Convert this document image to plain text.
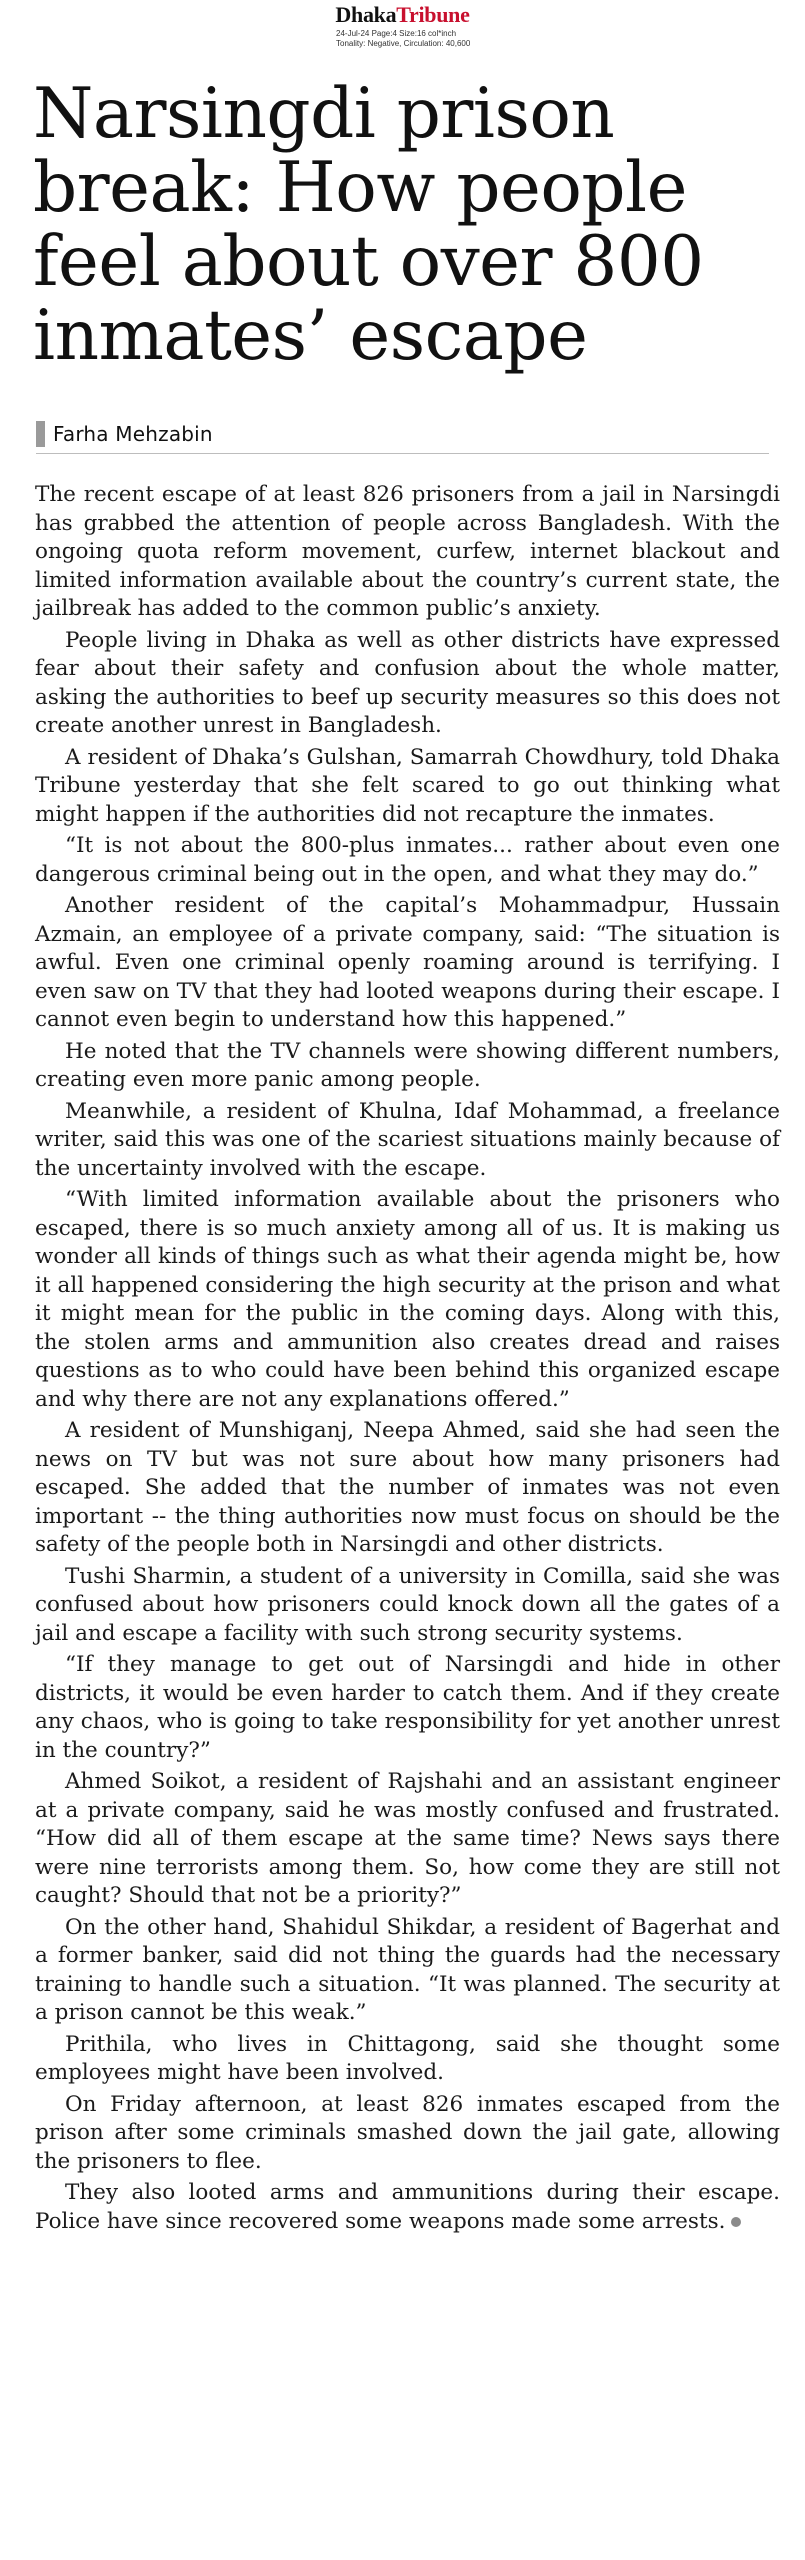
DhakaTribune
24-Jul-24 Page:4 Size:16 col*inch
Tonality: Negative, Circulation: 40,600
Narsingdi prison break: How people feel about over 800 inmates’ escape
Farha Mehzabin

The recent escape of at least 826 prisoners from a jail in Narsingdi has grabbed the attention of people across Bangladesh. With the ongoing quota reform movement, curfew, internet blackout and limited information available about the country’s current state, the jailbreak has added to the common public’s anxiety.

People living in Dhaka as well as other districts have expressed fear about their safety and confusion about the whole matter, asking the authorities to beef up security measures so this does not create another unrest in Bangladesh.

A resident of Dhaka’s Gulshan, Samarrah Chowdhury, told Dhaka Tribune yesterday that she felt scared to go out thinking what might happen if the authorities did not recapture the inmates.

“It is not about the 800-plus inmates... rather about even one dangerous criminal being out in the open, and what they may do.”

Another resident of the capital’s Mohammadpur, Hussain Azmain, an employee of a private company, said: “The situation is awful. Even one criminal openly roaming around is terrifying. I even saw on TV that they had looted weapons during their escape. I cannot even begin to understand how this happened.”

He noted that the TV channels were showing different numbers, creating even more panic among people.

Meanwhile, a resident of Khulna, Idaf Mohammad, a freelance writer, said this was one of the scariest situations mainly because of the uncertainty involved with the escape.

“With limited information available about the prisoners who escaped, there is so much anxiety among all of us. It is making us wonder all kinds of things such as what their agenda might be, how it all happened considering the high security at the prison and what it might mean for the public in the coming days. Along with this, the stolen arms and ammunition also creates dread and raises questions as to who could have been behind this organized escape and why there are not any explanations offered.”

A resident of Munshiganj, Neepa Ahmed, said she had seen the news on TV but was not sure about how many prisoners had escaped. She added that the number of inmates was not even important -- the thing authorities now must focus on should be the safety of the people both in Narsingdi and other districts.

Tushi Sharmin, a student of a university in Comilla, said she was confused about how prisoners could knock down all the gates of a jail and escape a facility with such strong security systems.

“If they manage to get out of Narsingdi and hide in other districts, it would be even harder to catch them. And if they create any chaos, who is going to take responsibility for yet another unrest in the country?”

Ahmed Soikot, a resident of Rajshahi and an assistant engineer at a private company, said he was mostly confused and frustrated. “How did all of them escape at the same time? News says there were nine terrorists among them. So, how come they are still not caught? Should that not be a priority?”

On the other hand, Shahidul Shikdar, a resident of Bagerhat and a former banker, said did not thing the guards had the necessary training to handle such a situation. “It was planned. The security at a prison cannot be this weak.”

Prithila, who lives in Chittagong, said she thought some employees might have been involved.

On Friday afternoon, at least 826 inmates escaped from the prison after some criminals smashed down the jail gate, allowing the prisoners to flee.

They also looted arms and ammunitions during their escape. Police have since recovered some weapons made some arrests.
